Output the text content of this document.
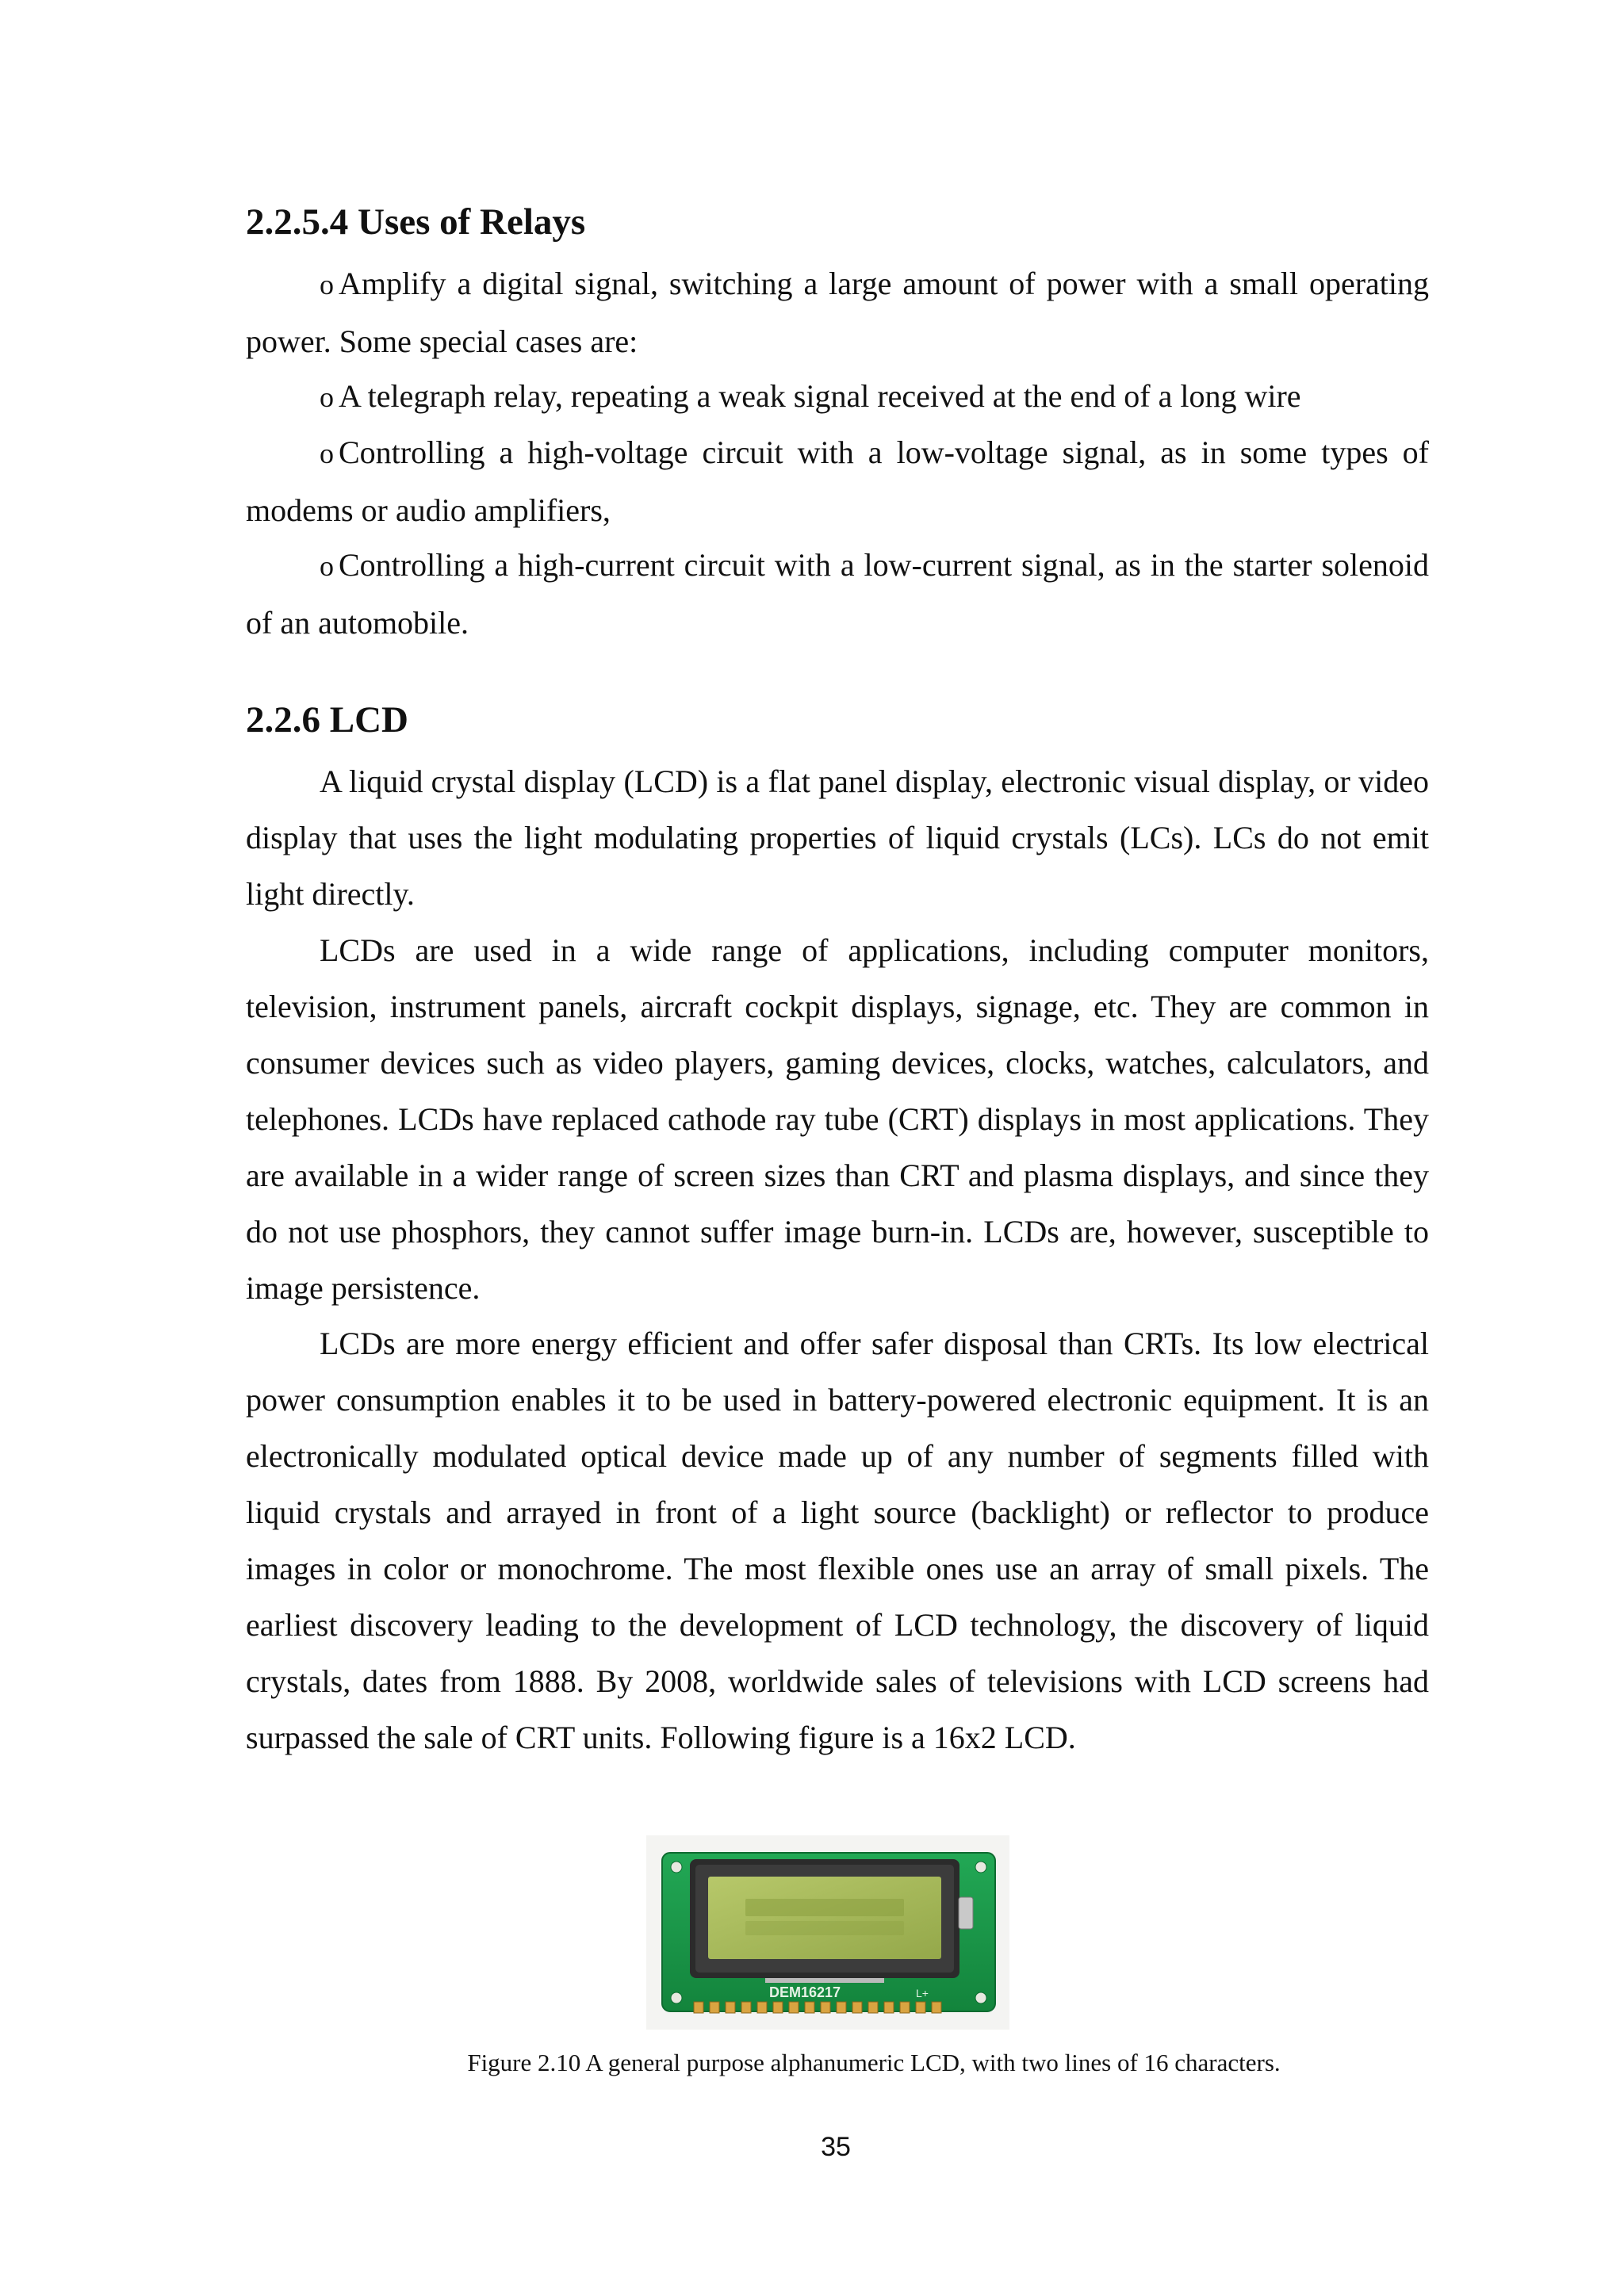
2.2.5.4 Uses of Relays

o Amplify a digital signal, switching a large amount of power with a small operating power. Some special cases are:

o A telegraph relay, repeating a weak signal received at the end of a long wire

o Controlling a high-voltage circuit with a low-voltage signal, as in some types of modems or audio amplifiers,

o Controlling a high-current circuit with a low-current signal, as in the starter solenoid of an automobile.

2.2.6 LCD

A liquid crystal display (LCD) is a flat panel display, electronic visual display, or video display that uses the light modulating properties of liquid crystals (LCs). LCs do not emit light directly.

LCDs are used in a wide range of applications, including computer monitors, television, instrument panels, aircraft cockpit displays, signage, etc. They are common in consumer devices such as video players, gaming devices, clocks, watches, calculators, and telephones. LCDs have replaced cathode ray tube (CRT) displays in most applications. They are available in a wider range of screen sizes than CRT and plasma displays, and since they do not use phosphors, they cannot suffer image burn-in. LCDs are, however, susceptible to image persistence.

LCDs are more energy efficient and offer safer disposal than CRTs. Its low electrical power consumption enables it to be used in battery-powered electronic equipment. It is an electronically modulated optical device made up of any number of segments filled with liquid crystals and arrayed in front of a light source (backlight) or reflector to produce images in color or monochrome. The most flexible ones use an array of small pixels. The earliest discovery leading to the development of LCD technology, the discovery of liquid crystals, dates from 1888. By 2008, worldwide sales of televisions with LCD screens had surpassed the sale of CRT units. Following figure is a 16x2 LCD.

DEM16217	L+

Figure 2.10 A general purpose alphanumeric LCD, with two lines of 16 characters.

35
